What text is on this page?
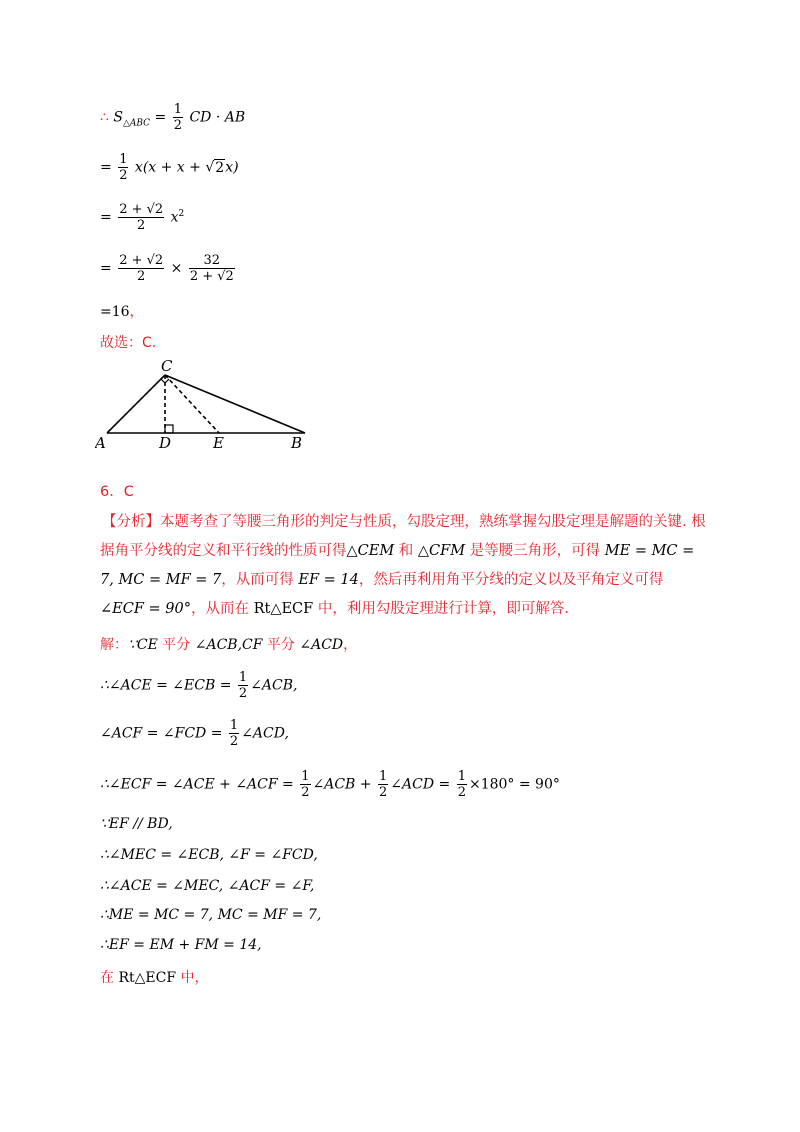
∴ $S_{\triangle ABC} = \frac{1}{2}$ CD · AB
= $\frac{1}{2} x(x + x + √2x)$
= $\frac{2 + √2}{2} x^2$
= $\frac{2 + √2}{2} \times \frac{32}{2 + √2}$
=16，
故选：C.
A	D	E	B
C
6．C
【分析】本题考查了等腰三角形的判定与性质，勾股定理，熟练掌握勾股定理是解题的关键. 根据角平分线的定义和平行线的性质可得△CEM 和 △CFM 是等腰三角形，可得 ME = MC = 7, MC = MF = 7，从而可得 EF = 14，然后再利用角平分线的定义以及平角定义可得 ∠ECF = 90°，从而在 Rt△ECF 中，利用勾股定理进行计算，即可解答.
解：∵CE 平分 ∠ACB,CF 平分 ∠ACD，
∴∠ACE = ∠ECB = $\frac{1}{2}$ ∠ACB,
∠ACF = ∠FCD = $\frac{1}{2}$ ∠ACD,
∴∠ECF = ∠ACE + ∠ACF = $\frac{1}{2}$ ∠ACB + $\frac{1}{2}$ ∠ACD = $\frac{1}{2} \times 180^\circ = 90^\circ$
∵EF // BD,
∴∠MEC = ∠ECB, ∠F = ∠FCD,
∴∠ACE = ∠MEC, ∠ACF = ∠F,
∴ME = MC = 7, MC = MF = 7,
∴EF = EM + FM = 14,
在 Rt△ECF 中，
